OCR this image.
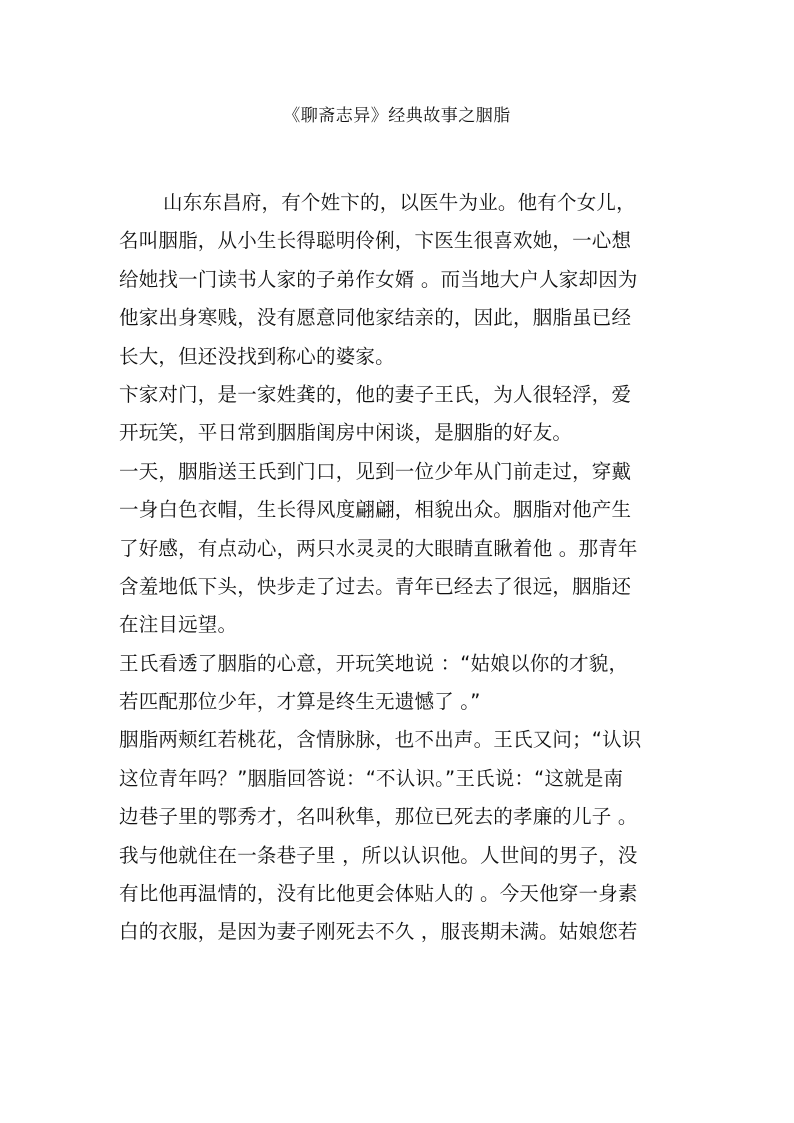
《聊斋志异》经典故事之胭脂
山东东昌府，有个姓卞的，以医牛为业。他有个女儿，
名叫胭脂，从小生长得聪明伶俐，卞医生很喜欢她，一心想
给她找一门读书人家的子弟作女婿 。而当地大户人家却因为
他家出身寒贱，没有愿意同他家结亲的，因此，胭脂虽已经
长大，但还没找到称心的婆家。
卞家对门，是一家姓龚的，他的妻子王氏，为人很轻浮，爱
开玩笑，平日常到胭脂闺房中闲谈，是胭脂的好友。
一天，胭脂送王氏到门口，见到一位少年从门前走过，穿戴
一身白色衣帽，生长得风度翩翩，相貌出众。胭脂对他产生
了好感，有点动心，两只水灵灵的大眼睛直瞅着他 。那青年
含羞地低下头，快步走了过去。青年已经去了很远，胭脂还
在注目远望。
王氏看透了胭脂的心意，开玩笑地说 ：“姑娘以你的才貌，
若匹配那位少年，才算是终生无遗憾了 。”
胭脂两颊红若桃花，含情脉脉，也不出声。王氏又问；“认识
这位青年吗？”胭脂回答说：“不认识。”王氏说：“这就是南
边巷子里的鄂秀才，名叫秋隼，那位已死去的孝廉的儿子 。
我与他就住在一条巷子里 ，所以认识他。人世间的男子，没
有比他再温情的，没有比他更会体贴人的 。今天他穿一身素
白的衣服，是因为妻子刚死去不久 ，服丧期未满。姑娘您若
